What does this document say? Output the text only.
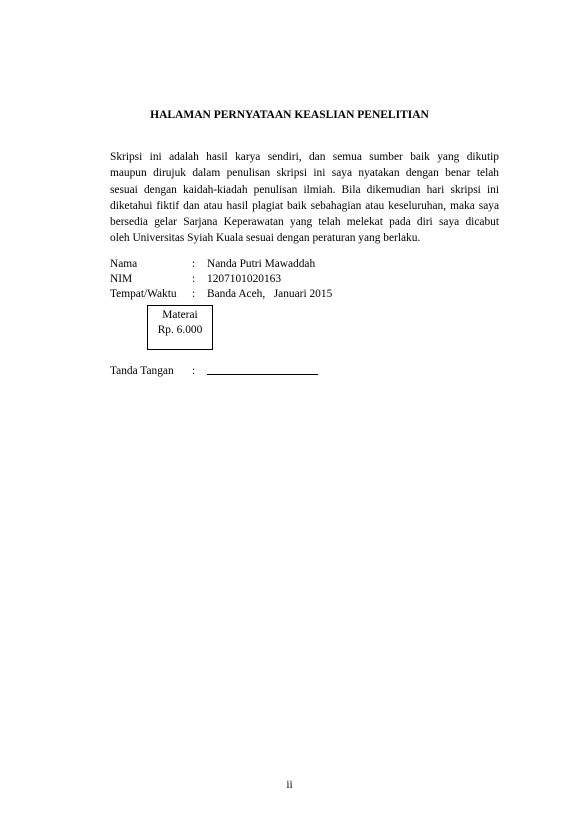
HALAMAN PERNYATAAN KEASLIAN PENELITIAN
Skripsi ini adalah hasil karya sendiri, dan semua sumber baik yang dikutip
maupun dirujuk dalam penulisan skripsi ini saya nyatakan dengan benar telah
sesuai dengan kaidah-kiadah penulisan ilmiah. Bila dikemudian hari skripsi ini
diketahui fiktif dan atau hasil plagiat baik sebahagian atau keseluruhan, maka saya
bersedia gelar Sarjana Keperawatan yang telah melekat pada diri saya dicabut
oleh Universitas Syiah Kuala sesuai dengan peraturan yang berlaku.
Nama	: Nanda Putri Mawaddah
NIM	: 1207101020163
Tempat/Waktu : Banda Aceh,   Januari 2015
Materai
Rp. 6.000
Tanda Tangan :
ii
